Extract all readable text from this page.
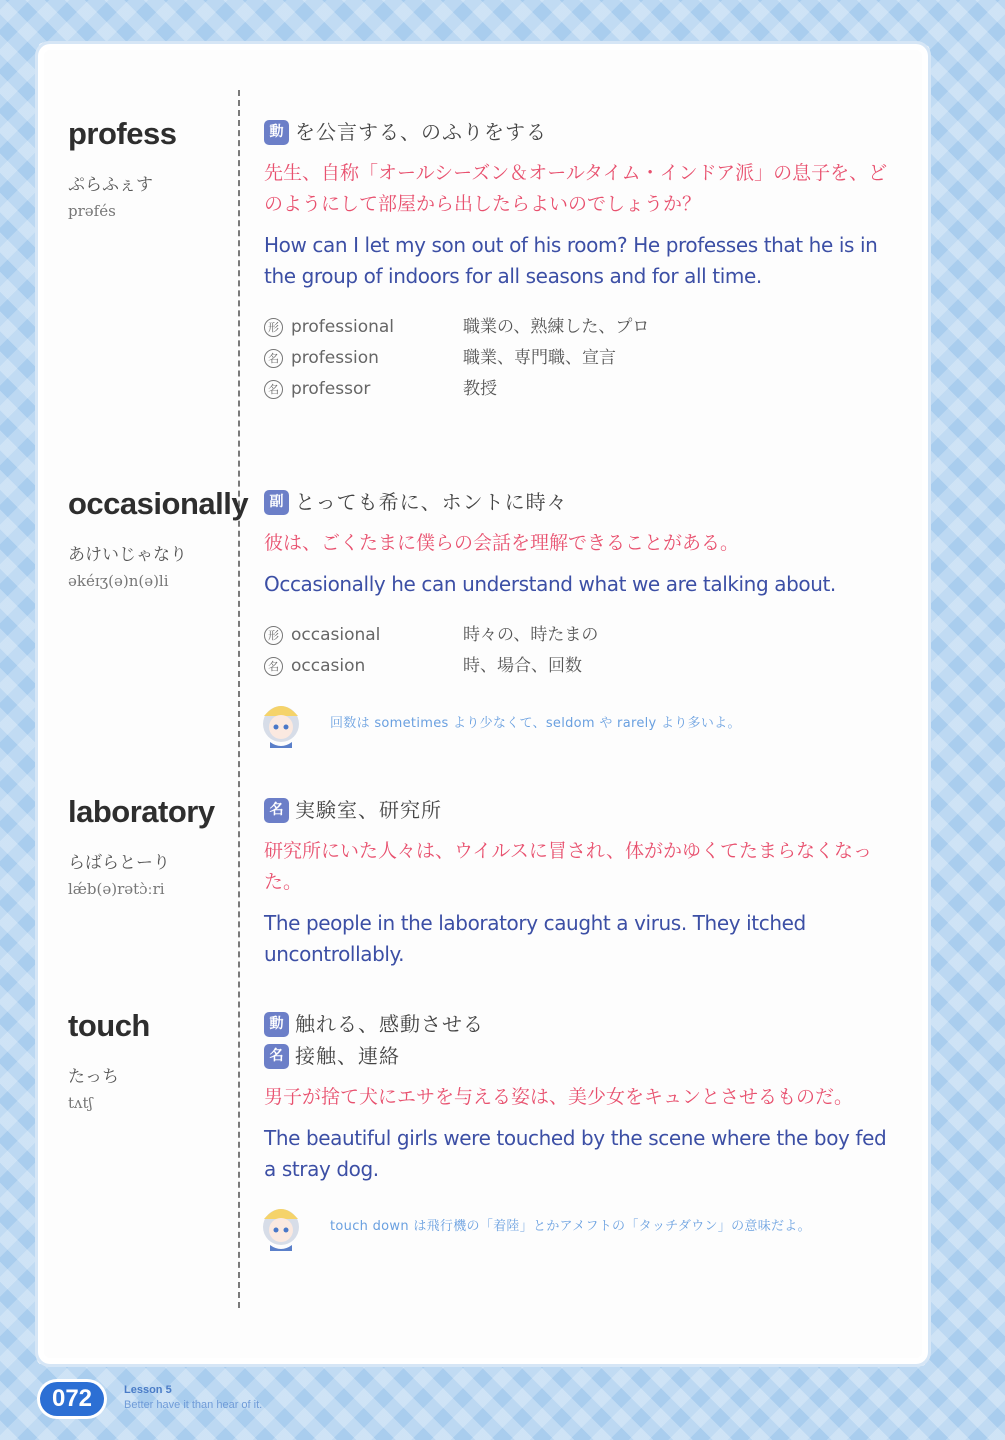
profess
ぷらふぇす
prəfés
動 を公言する、のふりをする
先生、自称「オールシーズン＆オールタイム・インドア派」の息子を、どのようにして部屋から出したらよいのでしょうか？
How can I let my son out of his room? He professes that he is in the group of indoors for all seasons and for all time.
形 professional	職業の、熟練した、プロ
名 profession	職業、専門職、宣言
名 professor	教授
occasionally
あけいじゃなり
əkéɪʒ(ə)n(ə)li
副 とっても希に、ホントに時々
彼は、ごくたまに僕らの会話を理解できることがある。
Occasionally he can understand what we are talking about.
形 occasional	時々の、時たまの
名 occasion	時、場合、回数
回数は sometimes より少なくて、seldom や rarely より多いよ。
laboratory
らばらとーり
lǽb(ə)rətɔ̀ːri
名 実験室、研究所
研究所にいた人々は、ウイルスに冒され、体がかゆくてたまらなくなった。
The people in the laboratory caught a virus. They itched uncontrollably.
touch
たっち
tʌtʃ
動 触れる、感動させる
名 接触、連絡
男子が捨て犬にエサを与える姿は、美少女をキュンとさせるものだ。
The beautiful girls were touched by the scene where the boy fed a stray dog.
touch down は飛行機の「着陸」とかアメフトの「タッチダウン」の意味だよ。
072	Lesson 5
Better have it than hear of it.
